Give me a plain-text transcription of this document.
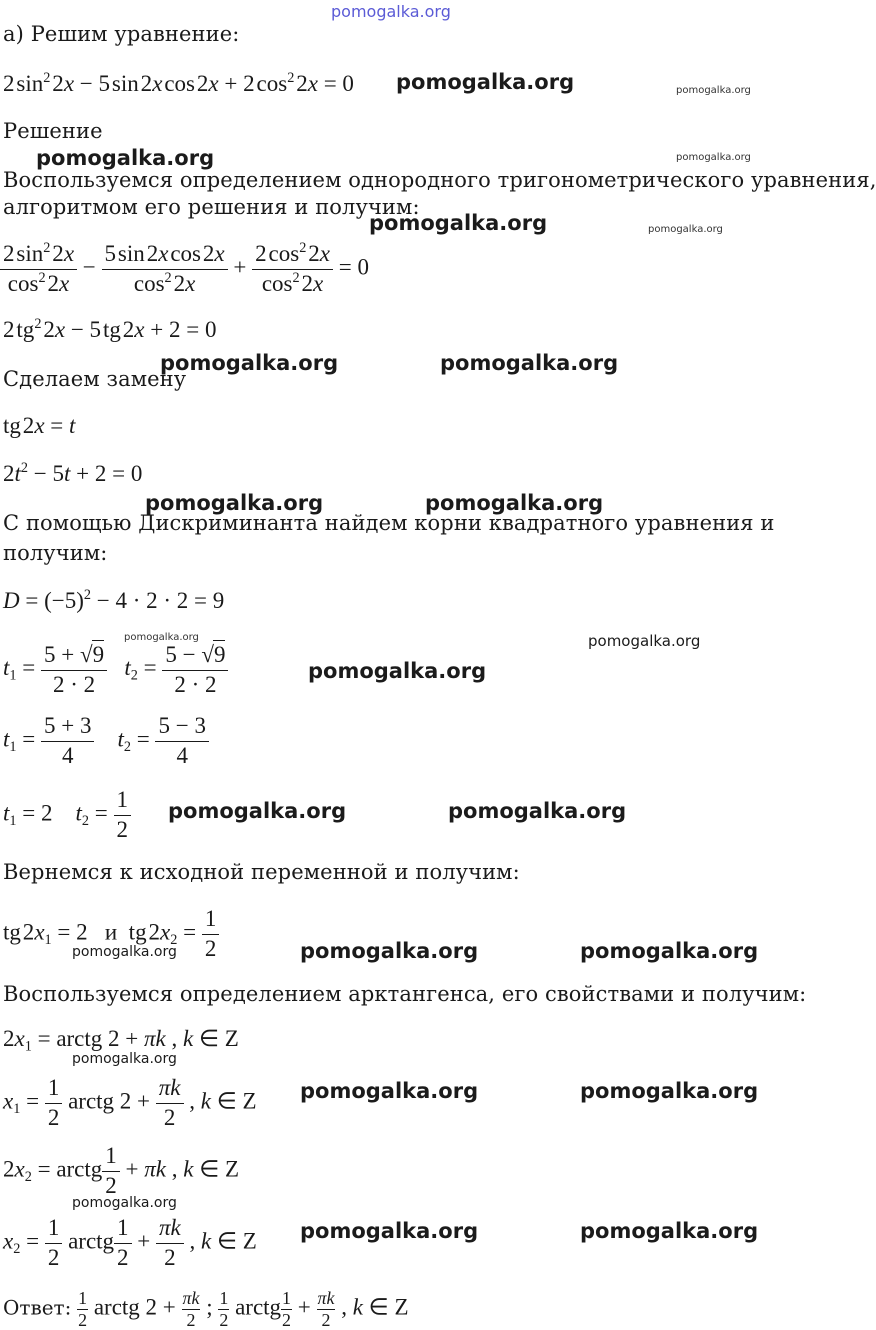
pomogalka.org
а) Решим уравнение:
2 $\sin^2$ 2x − 5 sin 2x cos 2x + 2 $\cos^2$ 2x = 0
Решение
Воспользуемся определением однородного тригонометрического уравнения,
алгоритмом его решения и получим:
$\frac{2 \sin^2 2x}{\cos^2 2x} - \frac{\text{5 sin 2x cos 2x}}{\cos^2 2x} + \frac{2 \cos^2 2x}{\cos^2 2x} = 0$
2 $tg^2$ 2x − 5 tg 2x + 2 = 0
Сделаем замену
tg 2x = t
$2t^2 - 5t + 2 = 0$
С помощью Дискриминанта найдем корни квадратного уравнения и
получим:
$D = (-5)^2 - 4 \cdot 2 \cdot 2 = 9$
$t_1 = \frac{5 + √9}{2 \cdot 2} t_2 = \frac{5 - √9}{2 \cdot 2}$
$t_1 = \frac{5 + 3}{4} t_2 = \frac{5 - 3}{4}$
$t_1 = 2$    $t_2 = \frac{1}{2}$
Вернемся к исходной переменной и получим:
tg $2x_1 = 2$   и  tg $2x_2 = \frac{1}{2}$
Воспользуемся определением арктангенса, его свойствами и получим:
$2x_1$ = arctg 2 + πk , k ∈ Z
$x_1 = \frac{1}{2}$ arctg $2 + \frac{\pi k}{2}$ , k ∈ Z
$2x_2$ = arctg $\frac{1}{2} + \pi k$ , k ∈ Z
$x_2 = \frac{1}{2}$ arctg $\frac{1}{2} + \frac{\pi k}{2}$ , k ∈ Z
Ответ: $\frac{1}{2}$ arctg $2 + \frac{\pi k}{2}$ ; $\frac{1}{2}$ arctg $\frac{1}{2} + \frac{\pi k}{2}$ , k ∈ Z
pomogalka.org	pomogalka.org
pomogalka.org	pomogalka.org
pomogalka.org	pomogalka.org
pomogalka.org	pomogalka.org
pomogalka.org	pomogalka.org
pomogalka.org	pomogalka.org
pomogalka.org
pomogalka.org	pomogalka.org
pomogalka.org	pomogalka.org	pomogalka.org
pomogalka.org
pomogalka.org	pomogalka.org
pomogalka.org
pomogalka.org	pomogalka.org
